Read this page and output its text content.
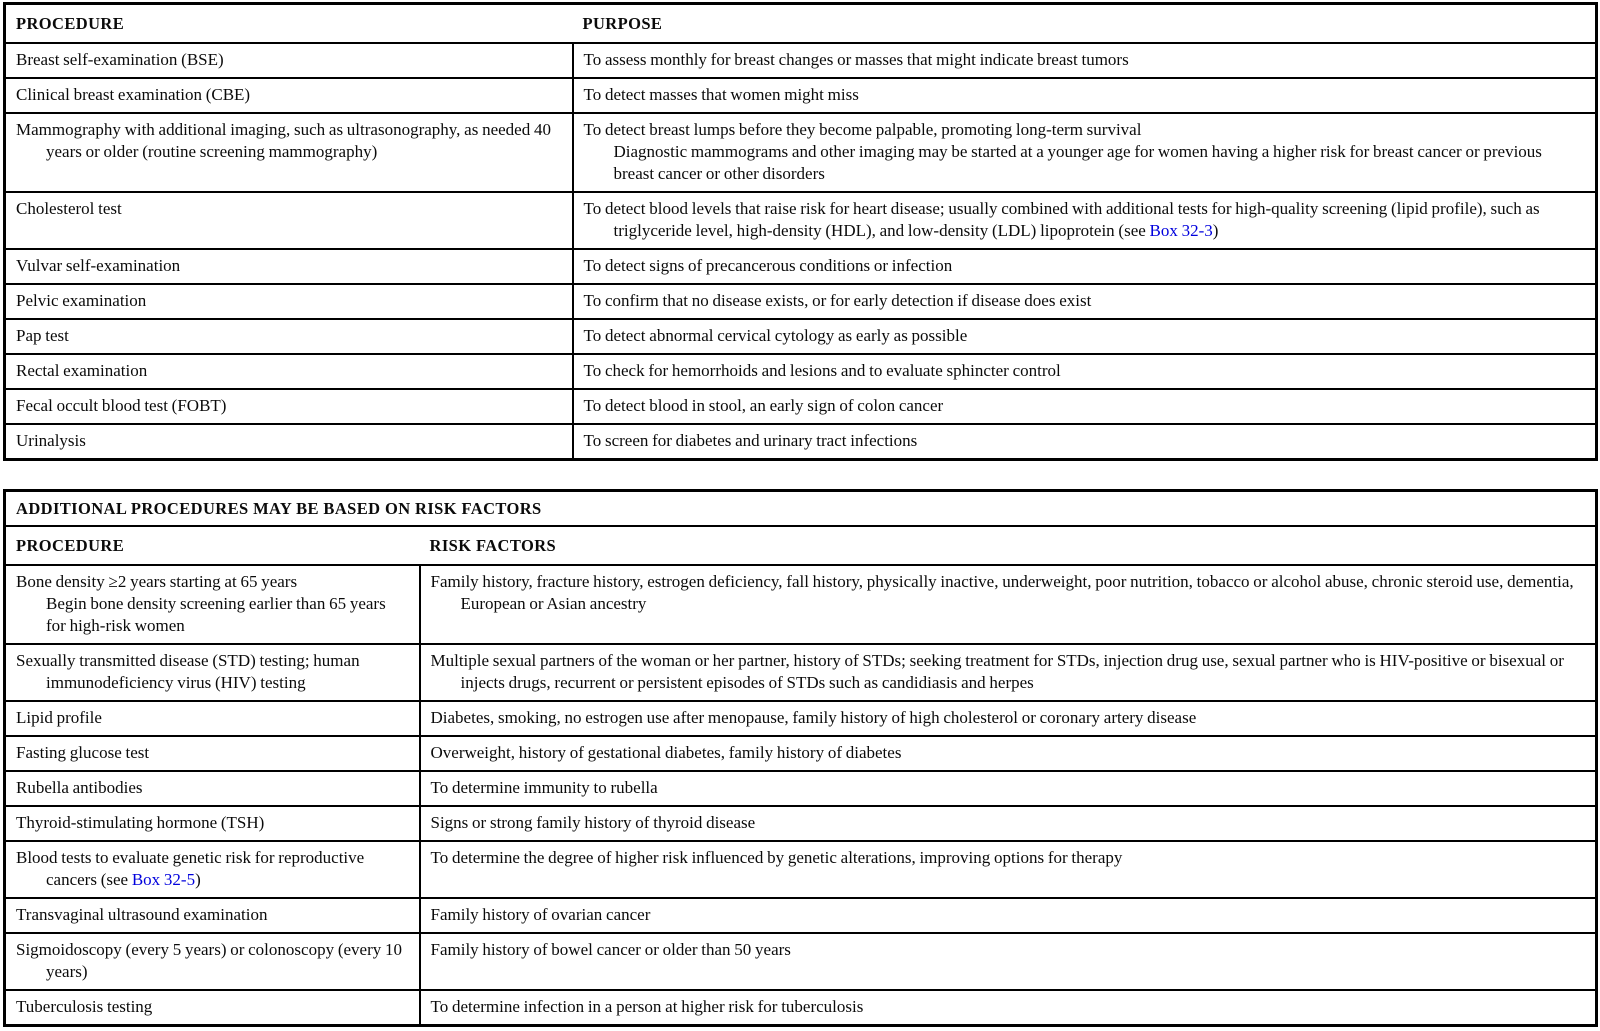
PROCEDURE	PURPOSE

Breast self-examination (BSE)	To assess monthly for breast changes or masses that might indicate breast tumors

Clinical breast examination (CBE)	To detect masses that women might miss

Mammography with additional imaging, such as ultrasonography, as needed 40 years or older (routine screening mammography)	To detect breast lumps before they become palpable, promoting long-term survival
Diagnostic mammograms and other imaging may be started at a younger age for women having a higher risk for breast cancer or previous breast cancer or other disorders

Cholesterol test	To detect blood levels that raise risk for heart disease; usually combined with additional tests for high-quality screening (lipid profile), such as triglyceride level, high-density (HDL), and low-density (LDL) lipoprotein (see Box 32-3)

Vulvar self-examination	To detect signs of precancerous conditions or infection

Pelvic examination	To confirm that no disease exists, or for early detection if disease does exist

Pap test	To detect abnormal cervical cytology as early as possible

Rectal examination	To check for hemorrhoids and lesions and to evaluate sphincter control

Fecal occult blood test (FOBT)	To detect blood in stool, an early sign of colon cancer

Urinalysis	To screen for diabetes and urinary tract infections
ADDITIONAL PROCEDURES MAY BE BASED ON RISK FACTORS	
PROCEDURE	RISK FACTORS

Bone density ≥2 years starting at 65 years
Begin bone density screening earlier than 65 years for high-risk women	Family history, fracture history, estrogen deficiency, fall history, physically inactive, underweight, poor nutrition, tobacco or alcohol abuse, chronic steroid use, dementia, European or Asian ancestry

Sexually transmitted disease (STD) testing; human immunodeficiency virus (HIV) testing	Multiple sexual partners of the woman or her partner, history of STDs; seeking treatment for STDs, injection drug use, sexual partner who is HIV-positive or bisexual or injects drugs, recurrent or persistent episodes of STDs such as candidiasis and herpes

Lipid profile	Diabetes, smoking, no estrogen use after menopause, family history of high cholesterol or coronary artery disease

Fasting glucose test	Overweight, history of gestational diabetes, family history of diabetes

Rubella antibodies	To determine immunity to rubella

Thyroid-stimulating hormone (TSH)	Signs or strong family history of thyroid disease

Blood tests to evaluate genetic risk for reproductive cancers (see Box 32-5)	To determine the degree of higher risk influenced by genetic alterations, improving options for therapy

Transvaginal ultrasound examination	Family history of ovarian cancer

Sigmoidoscopy (every 5 years) or colonoscopy (every 10 years)	Family history of bowel cancer or older than 50 years

Tuberculosis testing	To determine infection in a person at higher risk for tuberculosis
